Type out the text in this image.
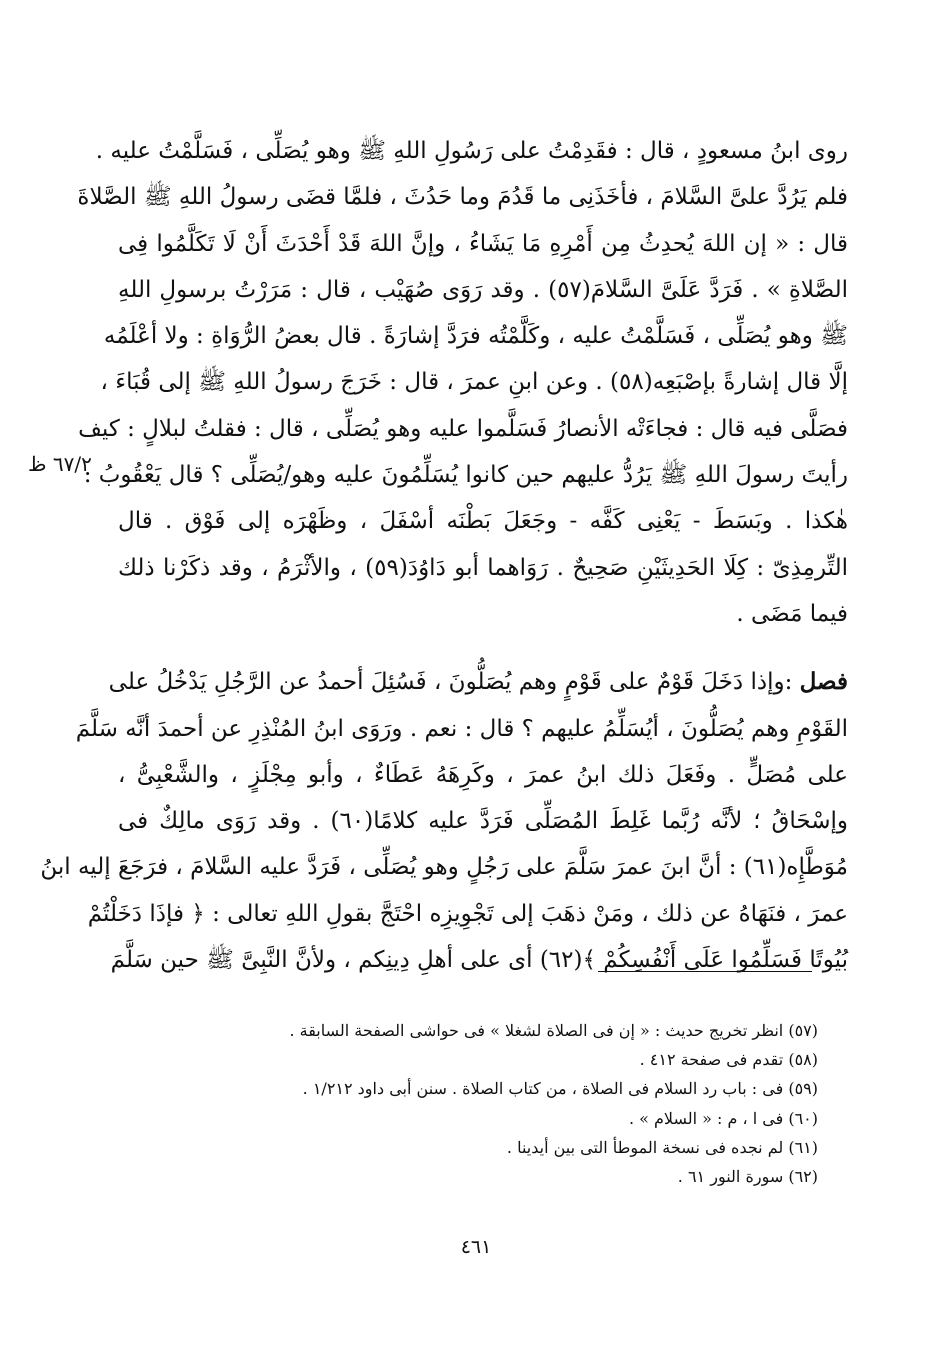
روى ابنُ مسعودٍ ، قال : فقَدِمْتُ على رَسُولِ اللهِ ﷺ وهو يُصَلِّى ، فَسَلَّمْتُ عليه .
فلم يَرُدَّ علىَّ السَّلامَ ، فأخَذَنِى ما قَدُمَ وما حَدُثَ ، فلمَّا قضَى رسولُ اللهِ ﷺ الصَّلاةَ
قال : « إن اللهَ يُحدِثُ مِن أَمْرِهِ مَا يَشَاءُ ، وإنَّ اللهَ قَدْ أَحْدَثَ أَنْ لَا تَكَلَّمُوا فِى
الصَّلاةِ » . فَرَدَّ عَلَىَّ السَّلامَ(٥٧) . وقد رَوَى صُهَيْب ، قال : مَرَرْتُ برسولِ اللهِ
ﷺ وهو يُصَلِّى ، فَسَلَّمْتُ عليه ، وكَلَّمْتُه فرَدَّ إشارَةً . قال بعضُ الرُّوَاةِ : ولا أعْلَمُه
إلَّا قال إشارةً بإصْبَعِه(٥٨) . وعن ابنِ عمرَ ، قال : خَرَجَ رسولُ اللهِ ﷺ إلى قُبَاءَ ،
فصَلَّى فيه قال : فجاءَتْه الأنصارُ فَسَلَّموا عليه وهو يُصَلِّى ، قال : فقلتُ لبلالٍ : كيف
رأيتَ رسولَ اللهِ ﷺ يَرُدُّ عليهم حين كانوا يُسَلِّمُونَ عليه وهو/يُصَلِّى ؟ قال يَعْقُوبُ :
هٰكذا . وبَسَطَ - يَعْنِى كَفَّه - وجَعَلَ بَطْنَه أسْفَلَ ، وظَهْرَه إلى فَوْق . قال
التِّرمِذِىّ : كِلَا الحَدِيثَيْنِ صَحِيحٌ . رَوَاهما أبو دَاوُدَ(٥٩) ، والأثْرَمُ ، وقد ذكَرْنا ذلك
فيما مَضَى .
فصل :وإذا دَخَلَ قَوْمٌ على قَوْمٍ وهم يُصَلُّونَ ، فَسُئِلَ أحمدُ عن الرَّجُلِ يَدْخُلُ على
القَوْمِ وهم يُصَلُّونَ ، أيُسَلِّمُ عليهم ؟ قال : نعم . ورَوَى ابنُ المُنْذِرِ عن أحمدَ أنَّه سَلَّمَ
على مُصَلٍّ . وفَعَلَ ذلك ابنُ عمرَ ، وكَرِهَهُ عَطَاءٌ ، وأبو مِجْلَزٍ ، والشَّعْبِىُّ ،
وإسْحَاقُ ؛ لأنَّه رُبَّما غَلِطَ المُصَلِّى فَرَدَّ عليه كلامًا(٦٠) . وقد رَوَى مالِكٌ فى
مُوَطَّإِه(٦١) : أنَّ ابنَ عمرَ سَلَّمَ على رَجُلٍ وهو يُصَلِّى ، فَرَدَّ عليه السَّلامَ ، فرَجَعَ إليه ابنُ
عمرَ ، فنَهَاهُ عن ذلك ، ومَنْ ذهَبَ إلى تَجْوِيزِه احْتَجَّ بقولِ اللهِ تعالى : ﴿ فإذَا دَخَلْتُمْ
بُيُوتًا فَسَلِّمُوا عَلَى أَنْفُسِكُمْ ﴾(٦٢) أى على أهلِ دِينِكم ، ولأنَّ النَّبِىَّ ﷺ حين سَلَّمَ
٦٧/٢ ظ
(٥٧) انظر تخريج حديث : « إن فى الصلاة لشغلا » فى حواشى الصفحة السابقة .
(٥٨) تقدم فى صفحة ٤١٢ .
(٥٩) فى : باب رد السلام فى الصلاة ، من كتاب الصلاة . سنن أبى داود ١/٢١٢ .
(٦٠) فى ا ، م : « السلام » .
(٦١) لم نجده فى نسخة الموطأ التى بين أيدينا .
(٦٢) سورة النور ٦١ .
٤٦١
